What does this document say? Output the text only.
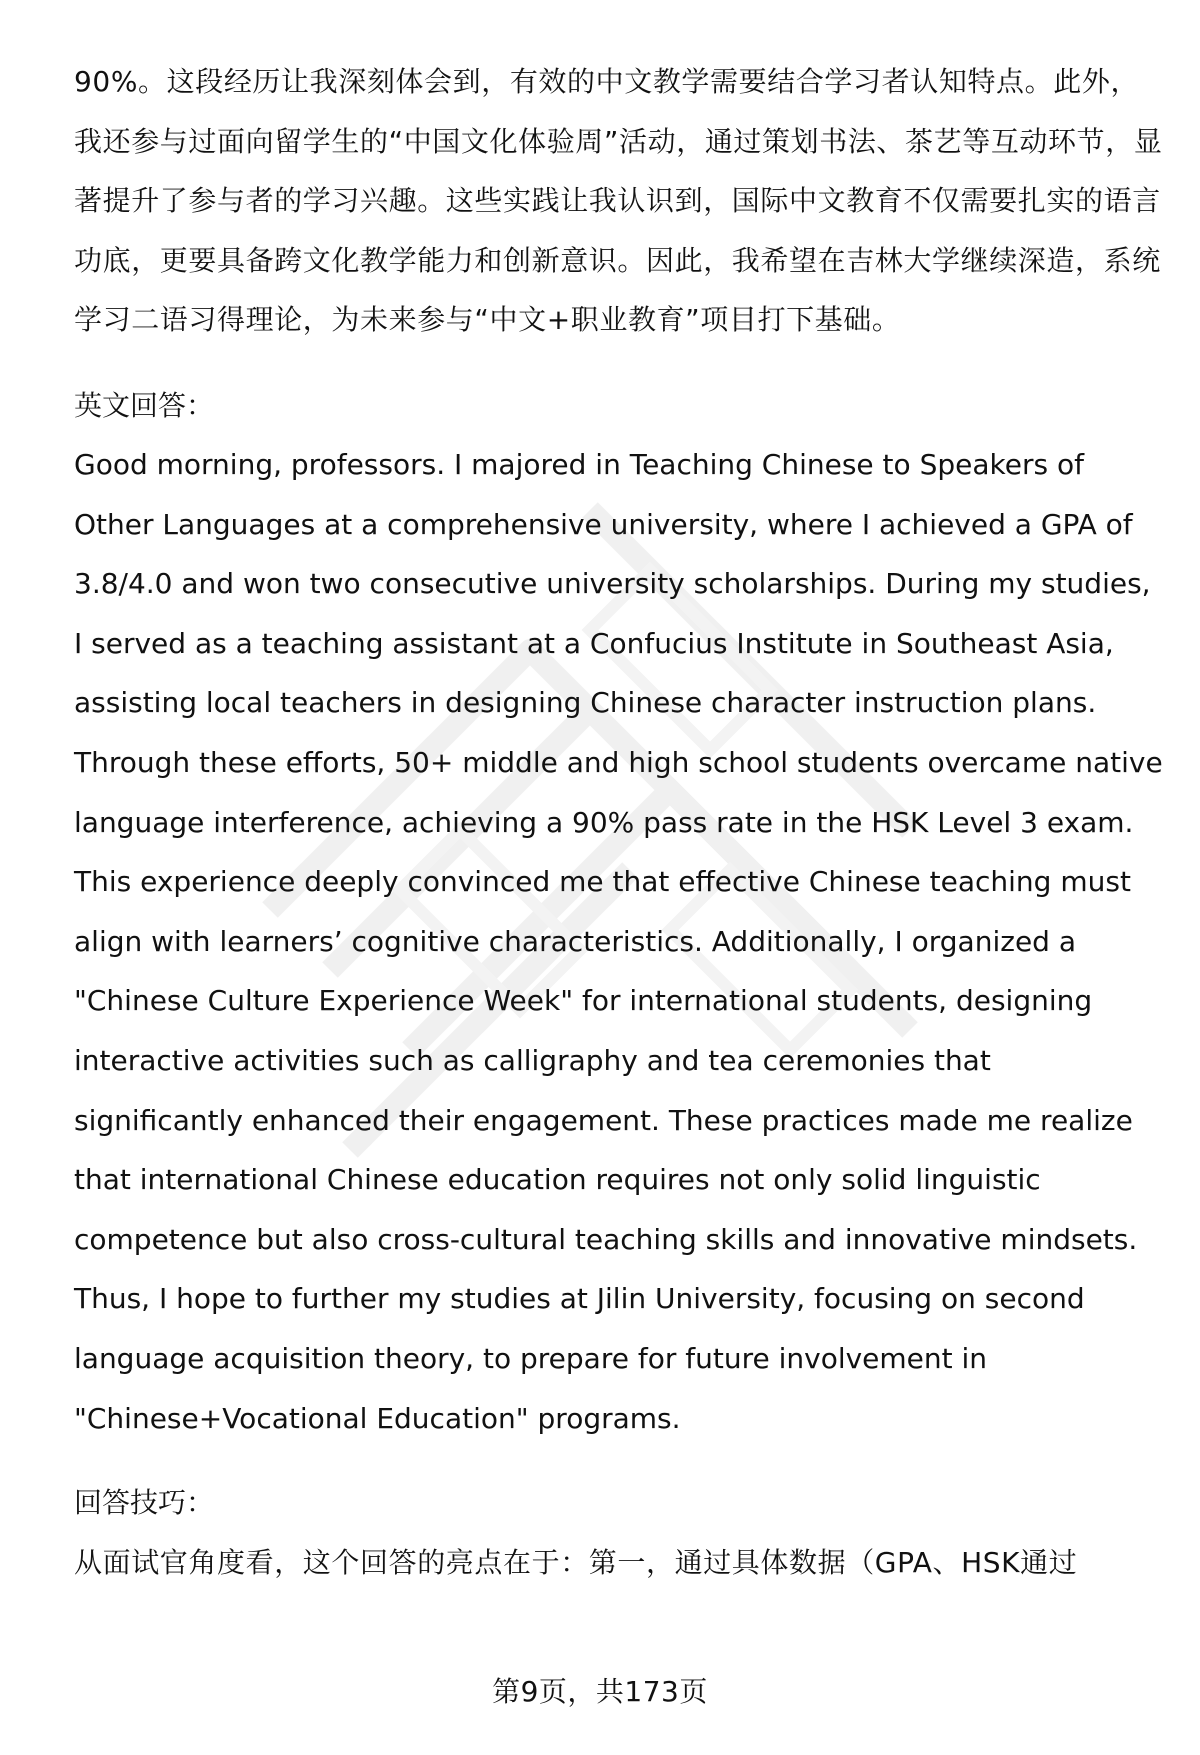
90%。这段经历让我深刻体会到，有效的中文教学需要结合学习者认知特点。此外，我还参与过面向留学生的“中国文化体验周”活动，通过策划书法、茶艺等互动环节，显著提升了参与者的学习兴趣。这些实践让我认识到，国际中文教育不仅需要扎实的语言功底，更要具备跨文化教学能力和创新意识。因此，我希望在吉林大学继续深造，系统学习二语习得理论，为未来参与“中文+职业教育”项目打下基础。

英文回答：

Good morning, professors. I majored in Teaching Chinese to Speakers of Other Languages at a comprehensive university, where I achieved a GPA of 3.8/4.0 and won two consecutive university scholarships. During my studies, I served as a teaching assistant at a Confucius Institute in Southeast Asia, assisting local teachers in designing Chinese character instruction plans. Through these efforts, 50+ middle and high school students overcame native language interference, achieving a 90% pass rate in the HSK Level 3 exam. This experience deeply convinced me that effective Chinese teaching must align with learners’ cognitive characteristics. Additionally, I organized a "Chinese Culture Experience Week" for international students, designing interactive activities such as calligraphy and tea ceremonies that significantly enhanced their engagement. These practices made me realize that international Chinese education requires not only solid linguistic competence but also cross-cultural teaching skills and innovative mindsets. Thus, I hope to further my studies at Jilin University, focusing on second language acquisition theory, to prepare for future involvement in "Chinese+Vocational Education" programs.

回答技巧：

从面试官角度看，这个回答的亮点在于：第一，通过具体数据（GPA、HSK通过

第9页，共173页
